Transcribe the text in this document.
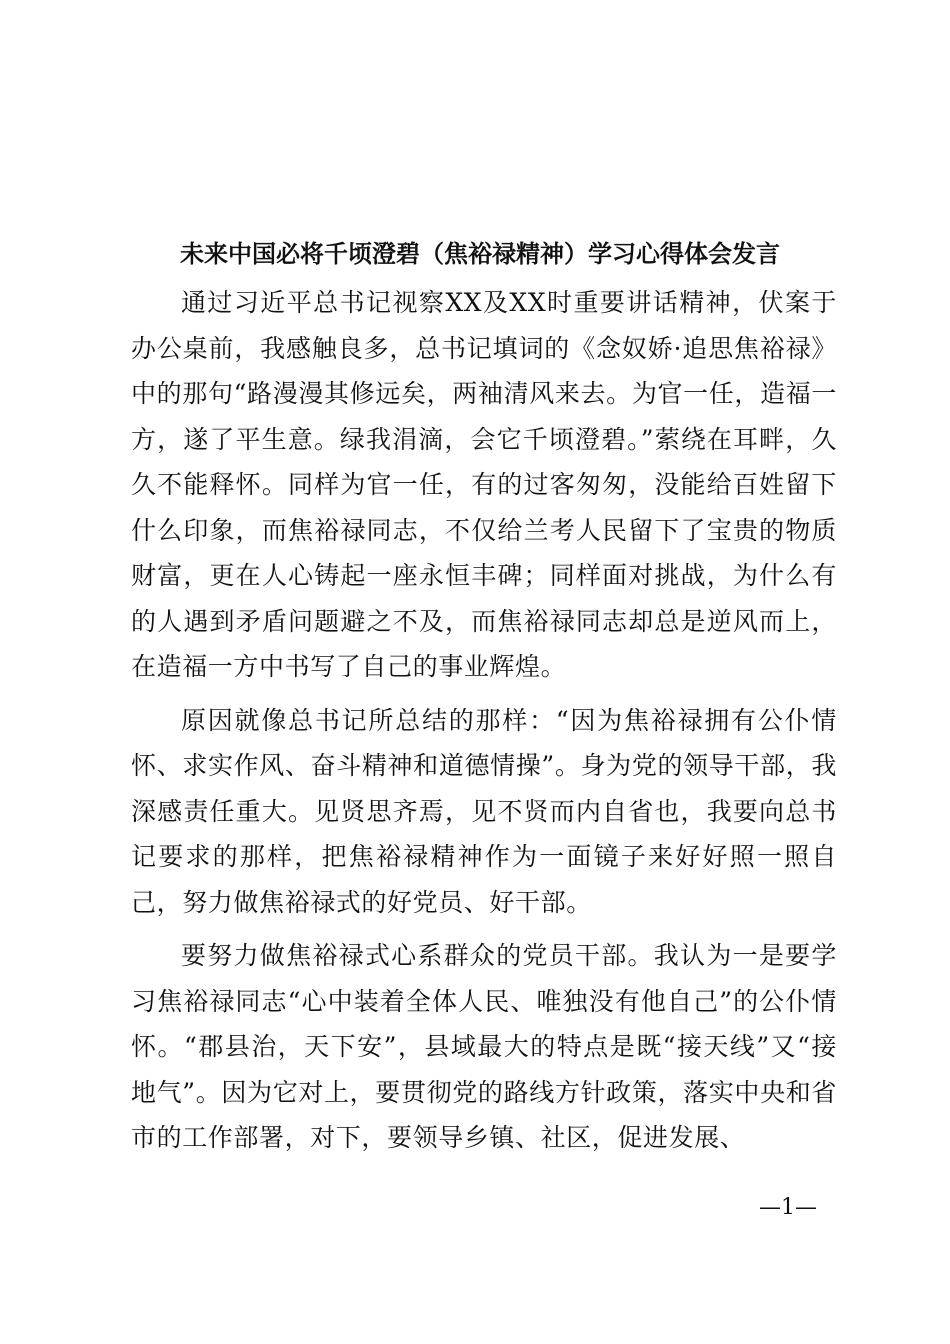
未来中国必将千顷澄碧（焦裕禄精神）学习心得体会发言

通过习近平总书记视察XX及XX时重要讲话精神，伏案于办公桌前，我感触良多，总书记填词的《念奴娇·追思焦裕禄》中的那句“路漫漫其修远矣，两袖清风来去。为官一任，造福一方，遂了平生意。绿我涓滴，会它千顷澄碧。”萦绕在耳畔，久久不能释怀。同样为官一任，有的过客匆匆，没能给百姓留下什么印象，而焦裕禄同志，不仅给兰考人民留下了宝贵的物质财富，更在人心铸起一座永恒丰碑；同样面对挑战，为什么有的人遇到矛盾问题避之不及，而焦裕禄同志却总是逆风而上，在造福一方中书写了自己的事业辉煌。

原因就像总书记所总结的那样：“因为焦裕禄拥有公仆情怀、求实作风、奋斗精神和道德情操”。身为党的领导干部，我深感责任重大。见贤思齐焉，见不贤而内自省也，我要向总书记要求的那样，把焦裕禄精神作为一面镜子来好好照一照自己，努力做焦裕禄式的好党员、好干部。

要努力做焦裕禄式心系群众的党员干部。我认为一是要学习焦裕禄同志“心中装着全体人民、唯独没有他自己”的公仆情怀。“郡县治，天下安”，县域最大的特点是既“接天线”又“接地气”。因为它对上，要贯彻党的路线方针政策，落实中央和省市的工作部署，对下，要领导乡镇、社区，促进发展、

—1—
